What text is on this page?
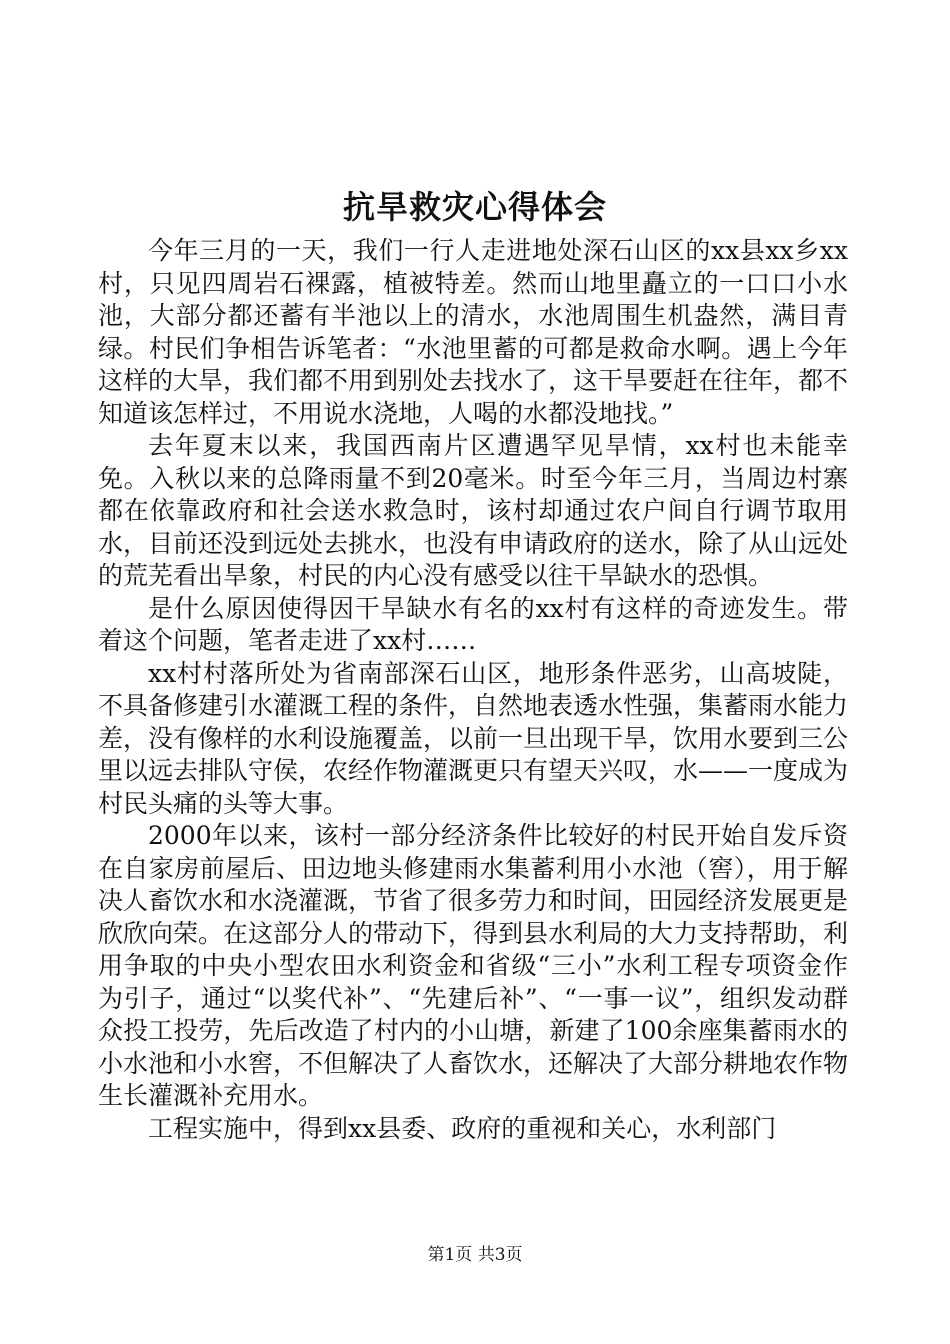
抗旱救灾心得体会

今年三月的一天，我们一行人走进地处深石山区的xx县xx乡xx村，只见四周岩石裸露，植被特差。然而山地里矗立的一口口小水池，大部分都还蓄有半池以上的清水，水池周围生机盎然，满目青绿。村民们争相告诉笔者：“水池里蓄的可都是救命水啊。遇上今年这样的大旱，我们都不用到别处去找水了，这干旱要赶在往年，都不知道该怎样过，不用说水浇地，人喝的水都没地找。”

去年夏末以来，我国西南片区遭遇罕见旱情，xx村也未能幸免。入秋以来的总降雨量不到20毫米。时至今年三月，当周边村寨都在依靠政府和社会送水救急时，该村却通过农户间自行调节取用水，目前还没到远处去挑水，也没有申请政府的送水，除了从山远处的荒芜看出旱象，村民的内心没有感受以往干旱缺水的恐惧。

是什么原因使得因干旱缺水有名的xx村有这样的奇迹发生。带着这个问题，笔者走进了xx村……

xx村村落所处为省南部深石山区，地形条件恶劣，山高坡陡，不具备修建引水灌溉工程的条件，自然地表透水性强，集蓄雨水能力差，没有像样的水利设施覆盖，以前一旦出现干旱，饮用水要到三公里以远去排队守侯，农经作物灌溉更只有望天兴叹，水——一度成为村民头痛的头等大事。

2000年以来，该村一部分经济条件比较好的村民开始自发斥资在自家房前屋后、田边地头修建雨水集蓄利用小水池（窖），用于解决人畜饮水和水浇灌溉，节省了很多劳力和时间，田园经济发展更是欣欣向荣。在这部分人的带动下，得到县水利局的大力支持帮助，利用争取的中央小型农田水利资金和省级“三小”水利工程专项资金作为引子，通过“以奖代补”、“先建后补”、“一事一议”，组织发动群众投工投劳，先后改造了村内的小山塘，新建了100余座集蓄雨水的小水池和小水窖，不但解决了人畜饮水，还解决了大部分耕地农作物生长灌溉补充用水。

工程实施中，得到xx县委、政府的重视和关心，水利部门

第1页 共3页
